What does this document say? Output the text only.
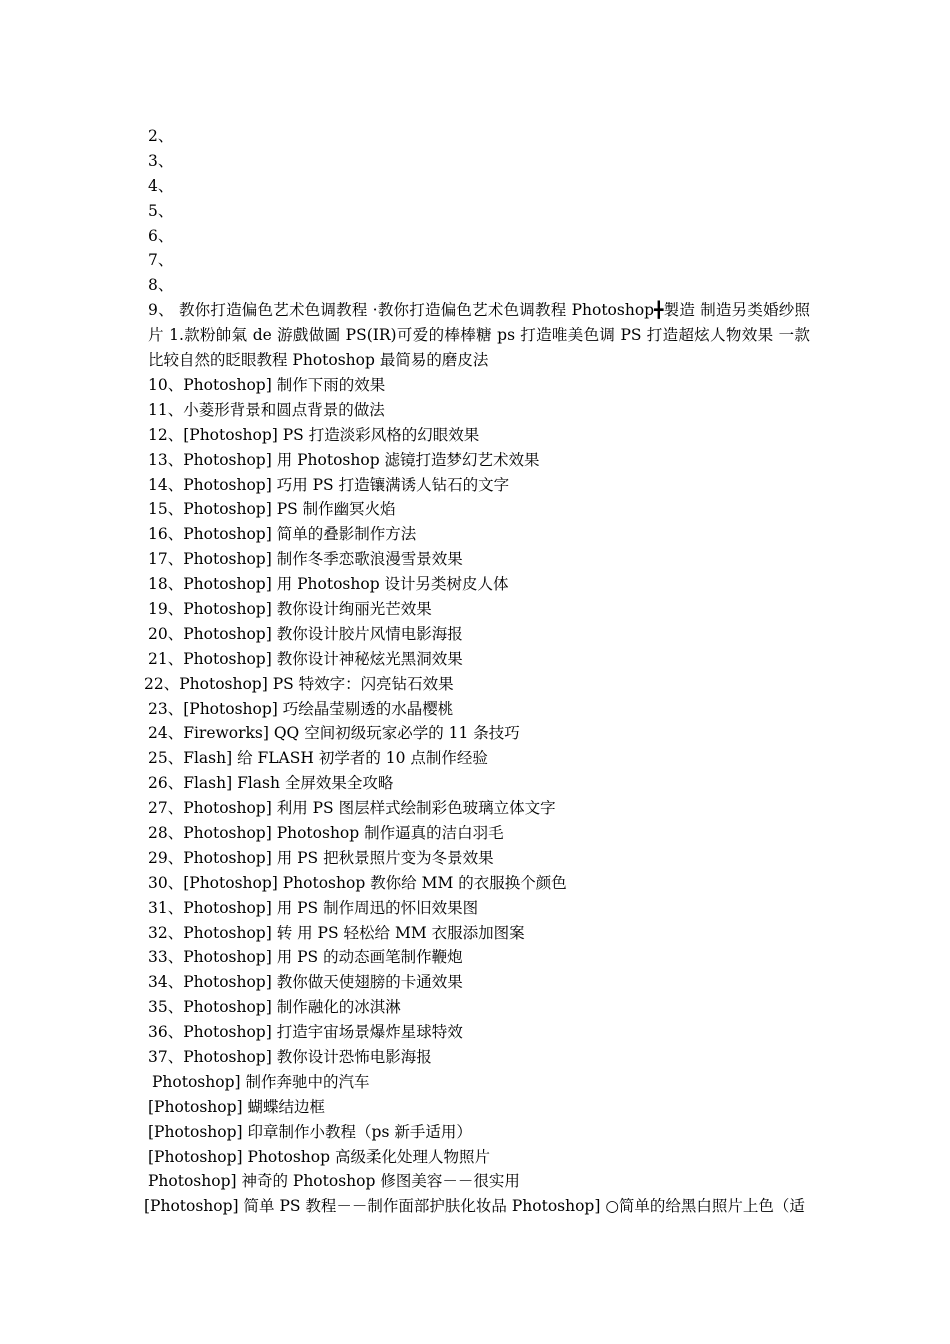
2、
3、
4、
5、
6、
7、
8、
9、 教你打造偏色艺术色调教程 ·教你打造偏色艺术色调教程 Photoshop╋製造 制造另类婚纱照片 1.款粉帥氣 de 游戲做圖 PS(IR)可爱的棒棒糖 ps 打造唯美色调 PS 打造超炫人物效果 一款比较自然的眨眼教程 Photoshop 最简易的磨皮法
10、Photoshop] 制作下雨的效果
11、小菱形背景和圆点背景的做法
12、[Photoshop] PS 打造淡彩风格的幻眼效果
13、Photoshop] 用 Photoshop 滤镜打造梦幻艺术效果
14、Photoshop] 巧用 PS 打造镶满诱人钻石的文字
15、Photoshop] PS 制作幽冥火焰
16、Photoshop] 简单的叠影制作方法
17、Photoshop] 制作冬季恋歌浪漫雪景效果
18、Photoshop] 用 Photoshop 设计另类树皮人体
19、Photoshop] 教你设计绚丽光芒效果
20、Photoshop] 教你设计胶片风情电影海报
21、Photoshop] 教你设计神秘炫光黑洞效果
22、Photoshop] PS 特效字：闪亮钻石效果
23、[Photoshop] 巧绘晶莹剔透的水晶樱桃
24、Fireworks] QQ 空间初级玩家必学的 11 条技巧
25、Flash] 给 FLASH 初学者的 10 点制作经验
26、Flash] Flash 全屏效果全攻略
27、Photoshop] 利用 PS 图层样式绘制彩色玻璃立体文字
28、Photoshop] Photoshop 制作逼真的洁白羽毛
29、Photoshop] 用 PS 把秋景照片变为冬景效果
30、[Photoshop] Photoshop 教你给 MM 的衣服换个颜色
31、Photoshop] 用 PS 制作周迅的怀旧效果图
32、Photoshop] 转 用 PS 轻松给 MM 衣服添加图案
33、Photoshop] 用 PS 的动态画笔制作鞭炮
34、Photoshop] 教你做天使翅膀的卡通效果
35、Photoshop] 制作融化的冰淇淋
36、Photoshop] 打造宇宙场景爆炸星球特效
37、Photoshop] 教你设计恐怖电影海报
Photoshop] 制作奔驰中的汽车
[Photoshop] 蝴蝶结边框
[Photoshop] 印章制作小教程（ps 新手适用）
[Photoshop] Photoshop 高级柔化处理人物照片
Photoshop] 神奇的 Photoshop 修图美容－－很实用
[Photoshop] 简单 PS 教程－－制作面部护肤化妆品 Photoshop] ○简单的给黑白照片上色（适
